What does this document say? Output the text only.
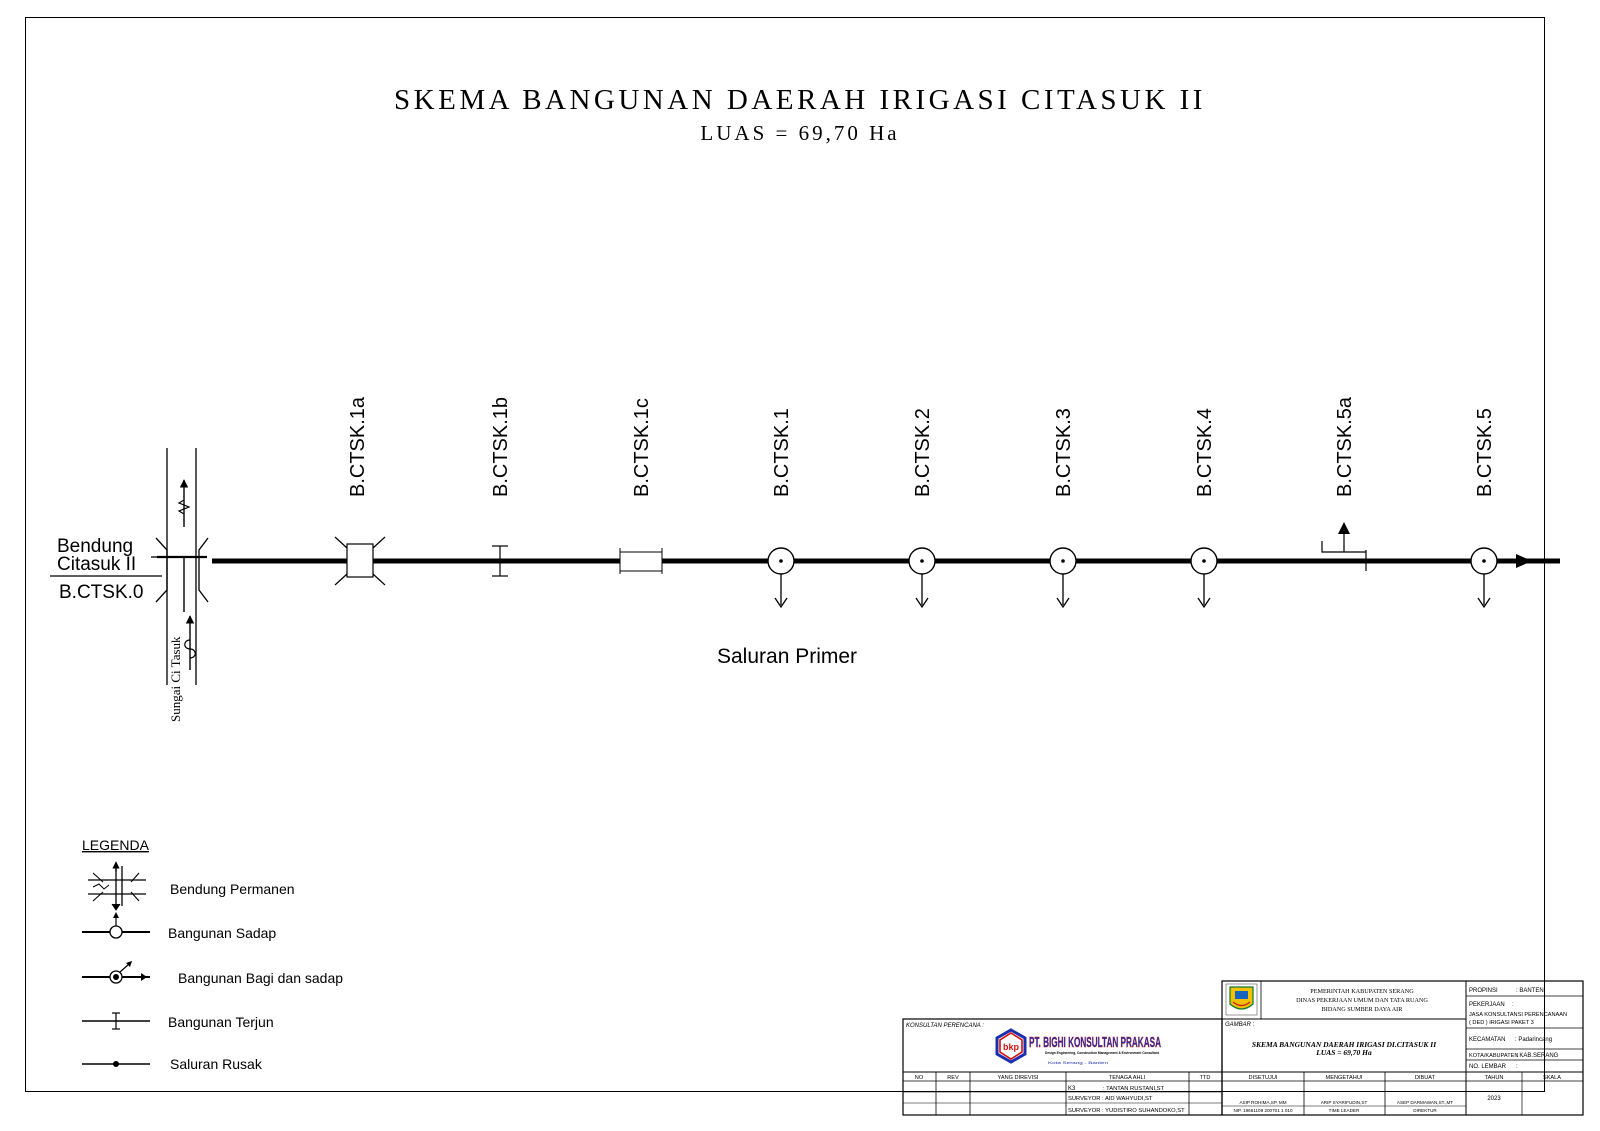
SKEMA BANGUNAN DAERAH IRIGASI CITASUK II
LUAS = 69,70 Ha
Bendung
Citasuk II
B.CTSK.0
Sungai Ci Tasuk	Saluran Primer
B.CTSK.1a	B.CTSK.1b	B.CTSK.1c	B.CTSK.1	B.CTSK.2	B.CTSK.3	B.CTSK.4	B.CTSK.5a	B.CTSK.5
LEGENDA
Bendung Permanen
Bangunan Sadap
Bangunan Bagi dan sadap
Bangunan Terjun
Saluran Rusak
KONSULTAN PERENCANA :
bkp PT. BIGHI KONSULTAN PRAKASA
Design Engineering, Construction Management & Environment Consultant
Kota Serang - Banten
NO	REV	YANG DIREVISI	TENAGA AHLI	TTD
K3	: TANTAN RUSTANI,ST
SURVEYOR : AID WAHYUDI,ST
SURVEYOR : YUDISTIRO SUHANDOKO,ST
PEMERINTAH KABUPATEN SERANG
DINAS PEKERJAAN UMUM DAN TATA RUANG
BIDANG SUMBER DAYA AIR
GAMBAR :
SKEMA BANGUNAN DAERAH IRIGASI DI.CITASUK II
LUAS = 69,70 Ha
DISETUJUI
ASIP ROHIMA,SP, MM
NIP. 19661109 200701 1 010
MENGETAHUI
ARIP SYARIFUDIN,ST
TIME LEADER
DIBUAT
ASEP DARMAWAN,ST.,MT
DIREKTUR
PROPINSI	: BANTEN
PEKERJAAN :
JASA KONSULTANSI PERENCANAAN
( DED ) IRIGASI PAKET 3
KECAMATAN : Padarincang
KOTA/KABUPATEN
: KAB.SERANG
NO. LEMBAR :
TAHUN	SKALA
2023
